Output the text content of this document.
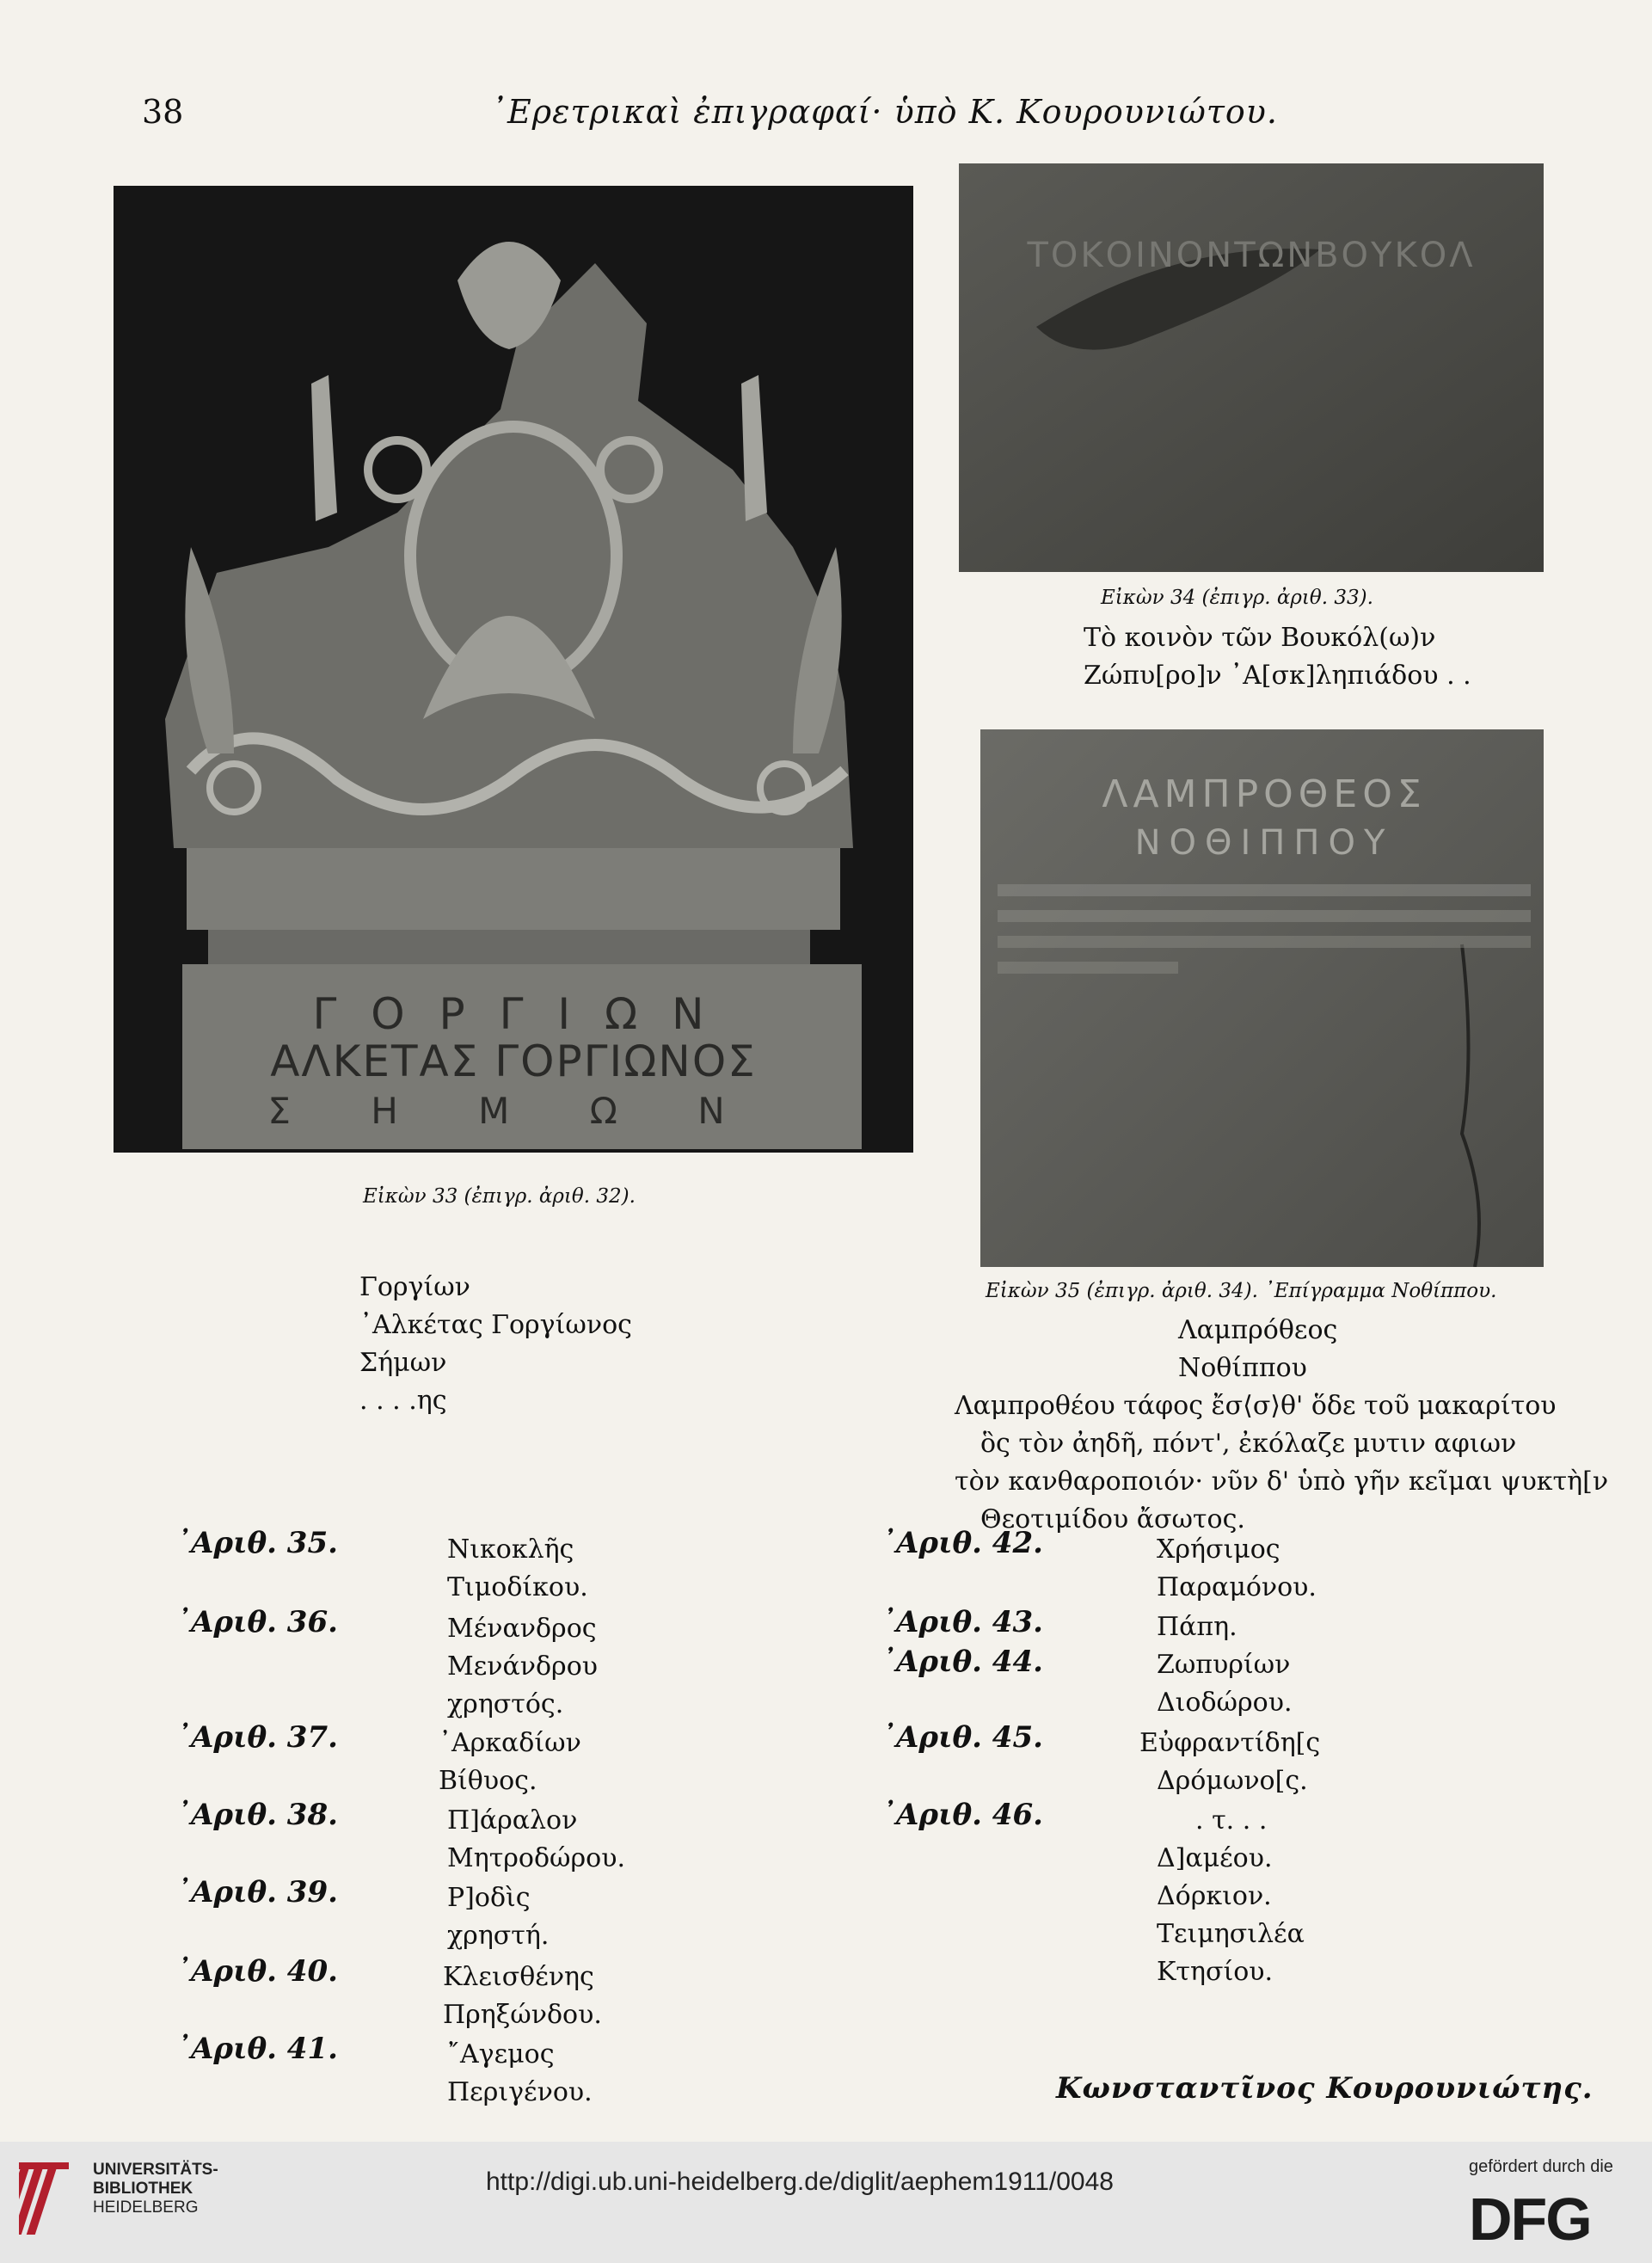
38	᾿Ερετρικαὶ ἐπιγραφαί· ὑπὸ Κ. Κουρουνιώτου.
Γ Ο Ρ Γ Ι Ω Ν
ΑΛΚΕΤΑΣ ΓΟΡΓΙΩΝΟΣ
Σ Η Μ Ω Ν
Εἰκὼν 33 (ἐπιγρ. ἀριθ. 32).
ΤΟΚΟΙΝΟΝΤΩΝΒΟΥΚΟΛ
Εἰκὼν 34 (ἐπιγρ. ἀριθ. 33).
Τὸ κοινὸν τῶν Βουκόλ(ω)ν
Ζώπυ[ρο]ν ᾿Α[σκ]ληπιάδου . .
ΛΑΜΠΡΟΘΕΟΣ
ΝΟΘΙΠΠΟΥ
Εἰκὼν 35 (ἐπιγρ. ἀριθ. 34). ᾿Επίγραμμα Νοθίππου.
Λαμπρόθεος
Νοθίππου
Λαμπροθέου τάφος ἔσ⟨σ⟩θ' ὅδε τοῦ μακαρίτου
ὃς τὸν ἀηδῆ, πόντ', ἐκόλαζε μυτιν αφιων
τὸν κανθαροποιόν· νῦν δ' ὑπὸ γῆν κεῖμαι ψυκτὴ[ν
Θεοτιμίδου ἄσωτος.
Γοργίων
᾿Αλκέτας Γοργίωνος
Σήμων
. . . .ης
᾿Αριθ. 35.	Νικοκλῆς
Τιμοδίκου.
᾿Αριθ. 36.	Μένανδρος
Μενάνδρου
χρηστός.
᾿Αριθ. 37.	᾿Αρκαδίων
Βίθυος.
᾿Αριθ. 38.	Π]άραλον
Μητροδώρου.
᾿Αριθ. 39.	Ρ]οδὶς
χρηστή.
᾿Αριθ. 40.	Κλεισθένης
Πρηξώνδου.
᾿Αριθ. 41.	῎Αγεμος
Περιγένου.
᾿Αριθ. 42.	Χρήσιμος
Παραμόνου.
᾿Αριθ. 43.	Πάπη.
᾿Αριθ. 44.	Ζωπυρίων
Διοδώρου.
᾿Αριθ. 45.	Εὐφραντίδη[ς
Δρόμωνο[ς.
᾿Αριθ. 46.	. τ. . .
Δ]αμέου.
Δόρκιον.
Τειμησιλέα
Κτησίου.
Κωνσταντῖνος Κουρουνιώτης.
UNIVERSITÄTS-
BIBLIOTHEK
HEIDELBERG
http://digi.ub.uni-heidelberg.de/diglit/aephem1911/0048
gefördert durch die
DFG
